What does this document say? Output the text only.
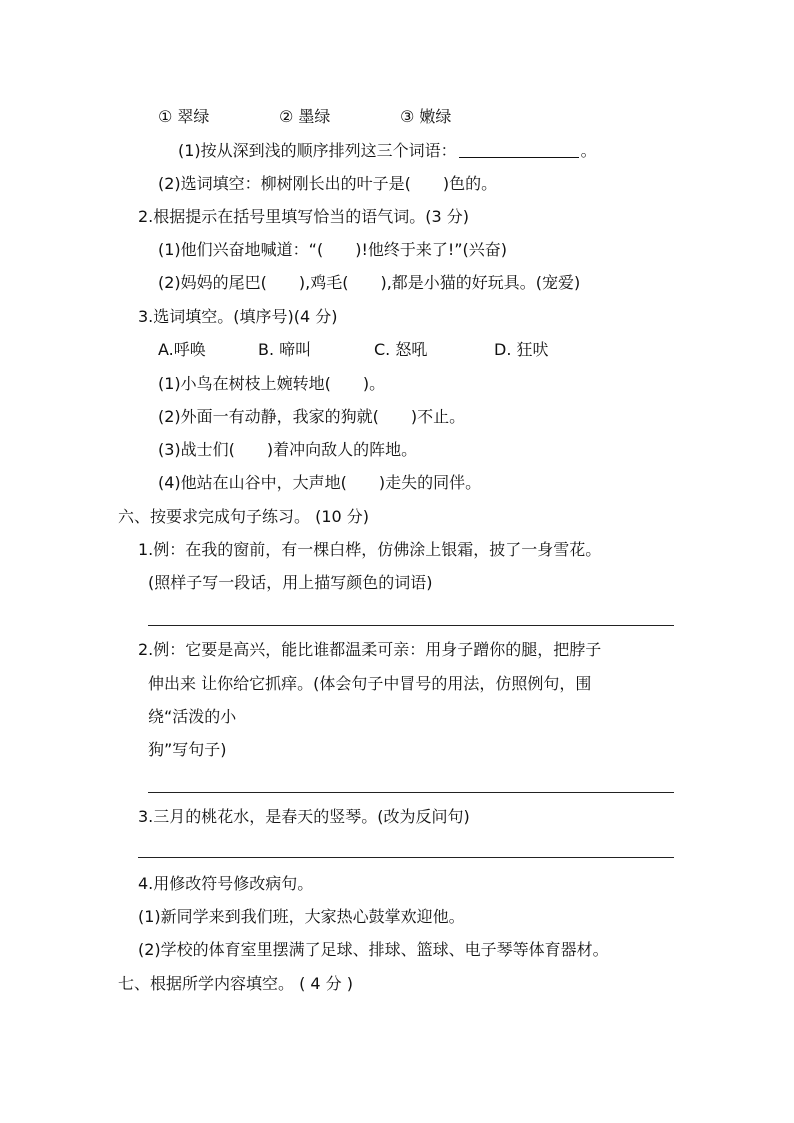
① 翠绿	② 墨绿	③ 嫩绿
(1)按从深到浅的顺序排列这三个词语：	。
(2)选词填空：柳树刚长出的叶子是(　　)色的。
2.根据提示在括号里填写恰当的语气词。(3 分)
(1)他们兴奋地喊道：“(　　)!他终于来了!”(兴奋)
(2)妈妈的尾巴(　　),鸡毛(　　),都是小猫的好玩具。(宠爱)
3.选词填空。(填序号)(4 分)
A.呼唤	B. 啼叫	C. 怒吼	D. 狂吠
(1)小鸟在树枝上婉转地(　　)。
(2)外面一有动静，我家的狗就(　　)不止。
(3)战士们(　　)着冲向敌人的阵地。
(4)他站在山谷中，大声地(　　)走失的同伴。
六、按要求完成句子练习。 (10 分)
1.例：在我的窗前，有一棵白桦，仿佛涂上银霜，披了一身雪花。
(照样子写一段话，用上描写颜色的词语)
2.例：它要是高兴，能比谁都温柔可亲：用身子蹭你的腿，把脖子
伸出来 让你给它抓痒。(体会句子中冒号的用法，仿照例句，围
绕“活泼的小
狗”写句子)
3.三月的桃花水，是春天的竖琴。(改为反问句)
4.用修改符号修改病句。
(1)新同学来到我们班，大家热心鼓掌欢迎他。
(2)学校的体育室里摆满了足球、排球、篮球、电子琴等体育器材。
七、根据所学内容填空。 ( 4 分 )
